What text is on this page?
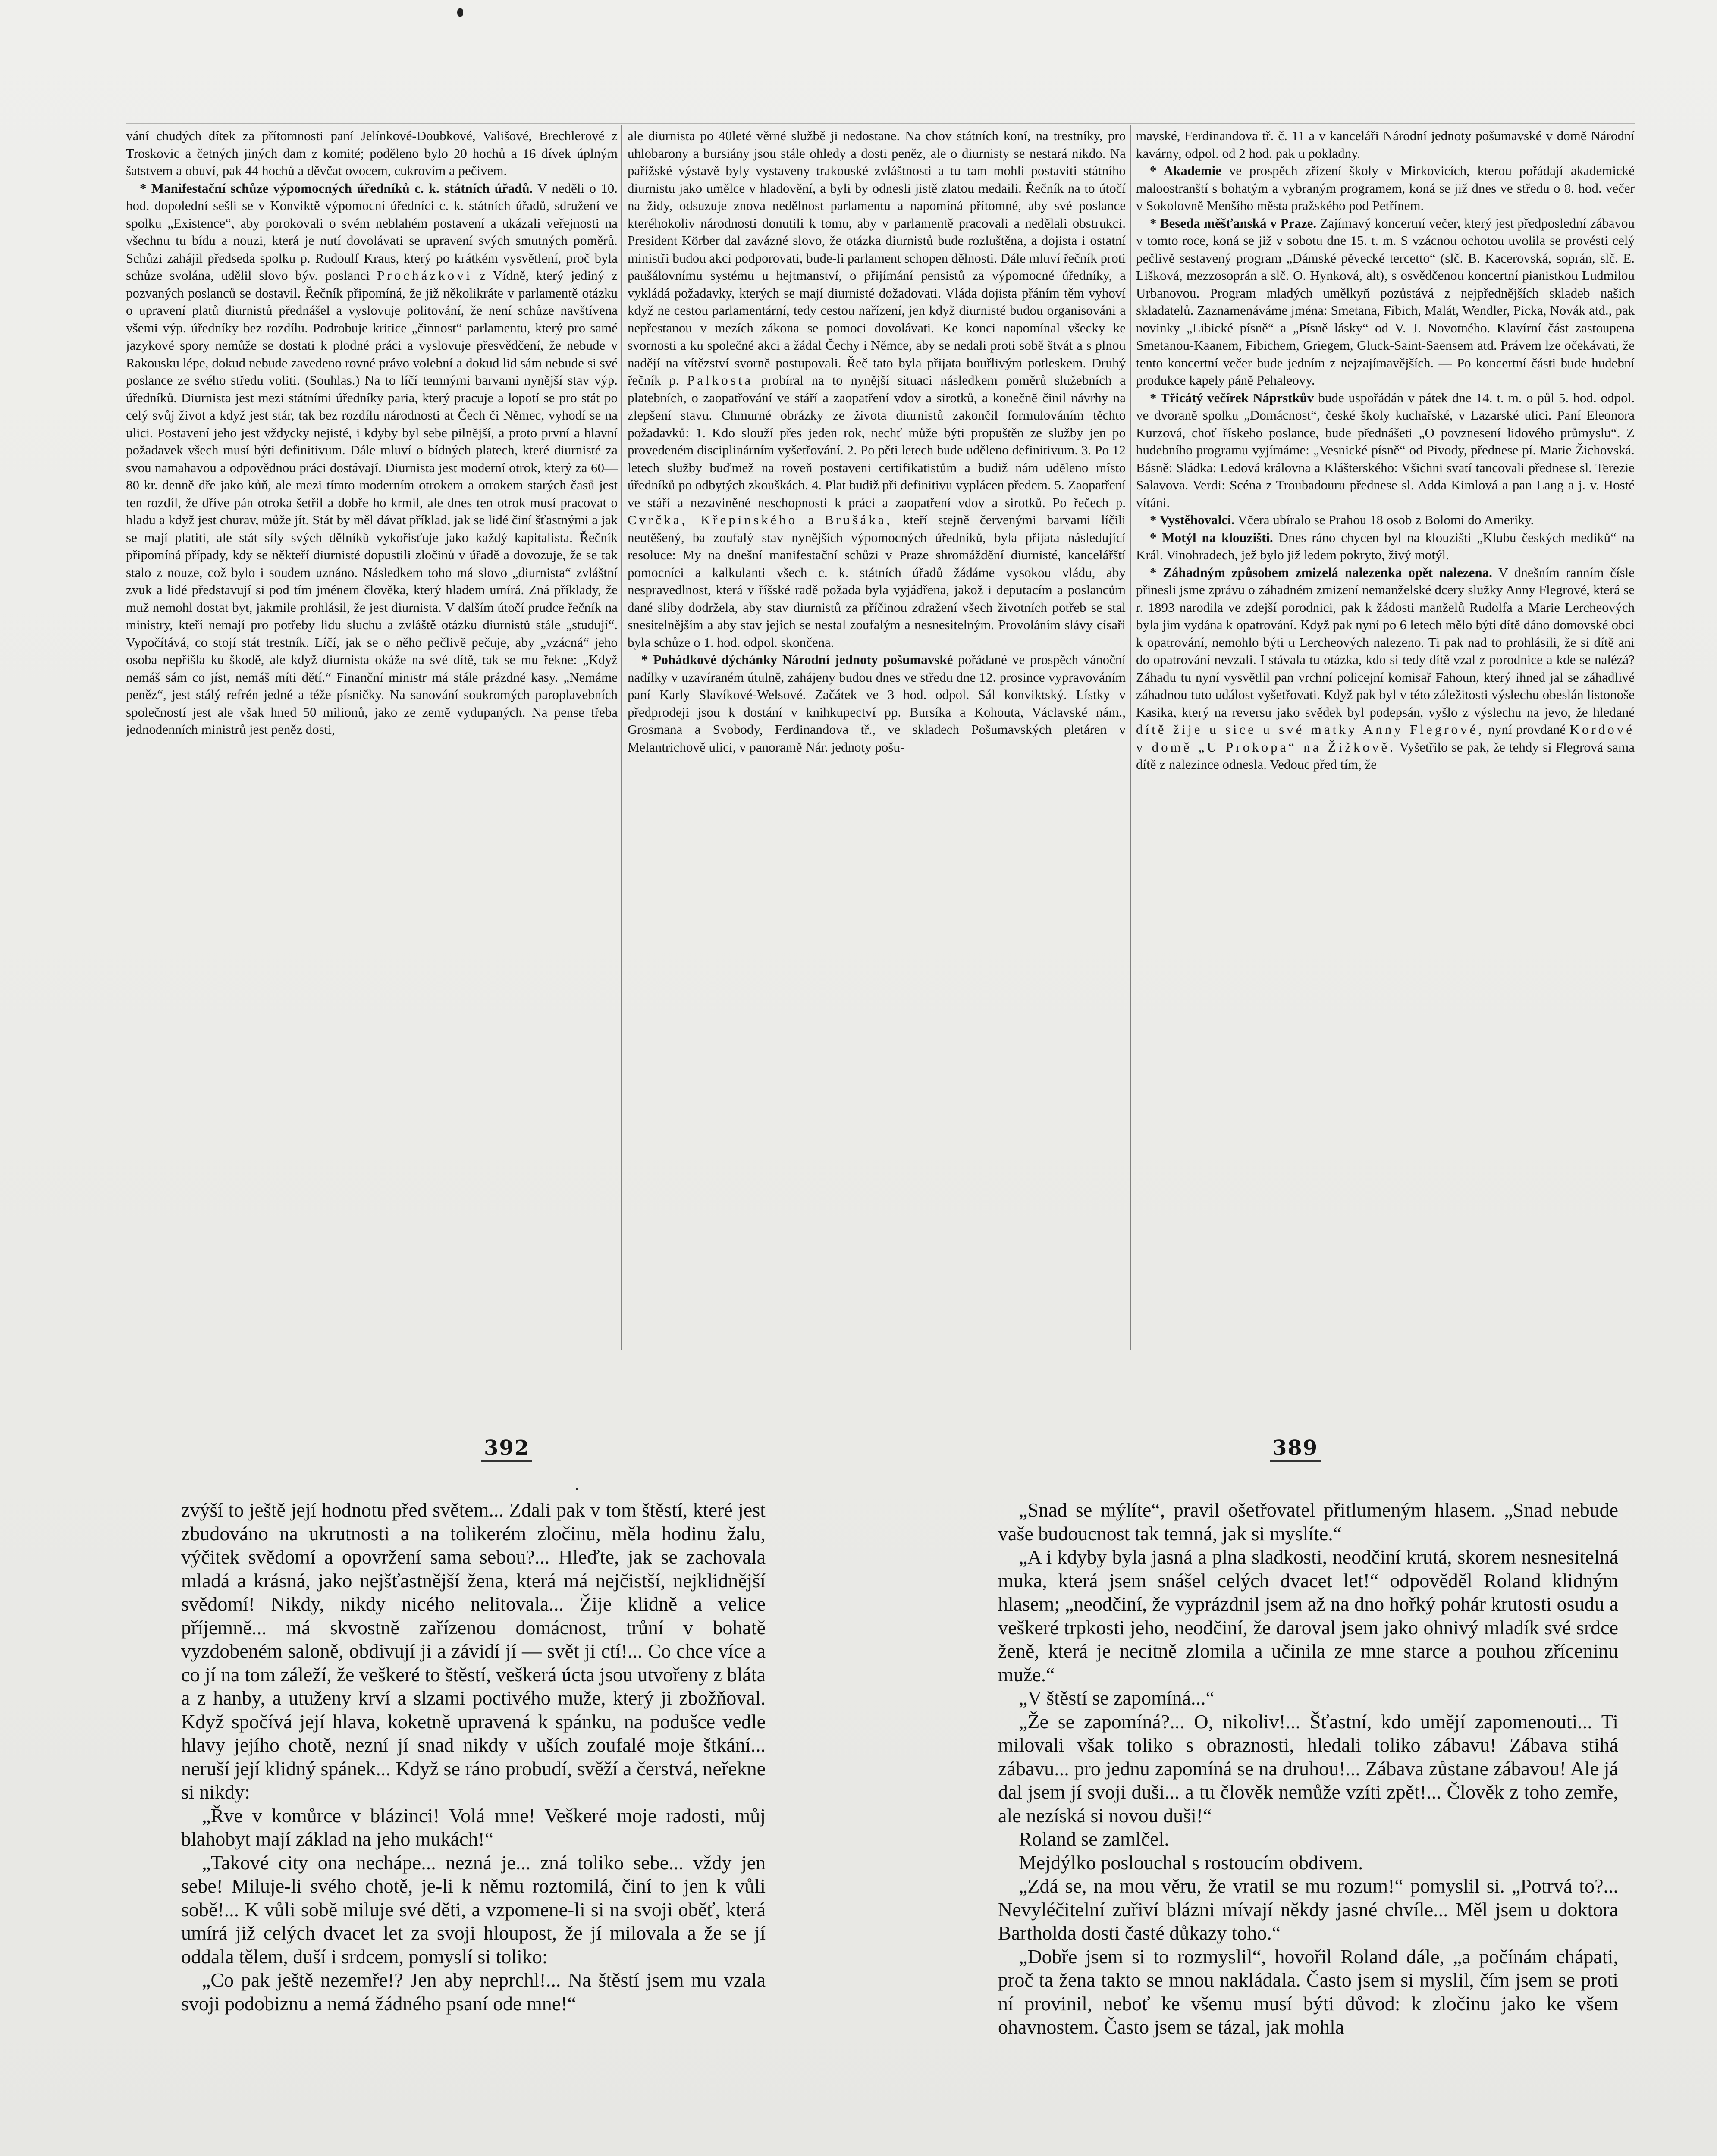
vání chudých dítek za přítomnosti paní Jelínkové-Doubkové, Vališové, Brechlerové z Troskovic a četných jiných dam z komité; poděleno bylo 20 hochů a 16 dívek úplným šatstvem a obuví, pak 44 hochů a děvčat ovocem, cukrovím a pečivem.

* Manifestační schůze výpomocných úředníků c. k. státních úřadů. V neděli o 10. hod. dopolední sešli se v Konviktě výpomocní úředníci c. k. státních úřadů, sdružení ve spolku „Existence“, aby porokovali o svém neblahém postavení a ukázali veřejnosti na všechnu tu bídu a nouzi, která je nutí dovolávati se upravení svých smutných poměrů. Schůzi zahájil předseda spolku p. Rudoulf Kraus, který po krátkém vysvětlení, proč byla schůze svolána, udělil slovo býv. poslanci Procházkovi z Vídně, který jediný z pozvaných poslanců se dostavil. Řečník připomíná, že již několikráte v parlamentě otázku o upravení platů diurnistů přednášel a vyslovuje politování, že není schůze navštívena všemi výp. úředníky bez rozdílu. Podrobuje kritice „činnost“ parlamentu, který pro samé jazykové spory nemůže se dostati k plodné práci a vyslovuje přesvědčení, že nebude v Rakousku lépe, dokud nebude zavedeno rovné právo volební a dokud lid sám nebude si své poslance ze svého středu voliti. (Souhlas.) Na to líčí temnými barvami nynější stav výp. úředníků. Diurnista jest mezi státními úředníky paria, který pracuje a lopotí se pro stát po celý svůj život a když jest stár, tak bez rozdílu národnosti at Čech či Němec, vyhodí se na ulici. Postavení jeho jest vždycky nejisté, i kdyby byl sebe pilnější, a proto první a hlavní požadavek všech musí býti definitivum. Dále mluví o bídných platech, které diurnisté za svou namahavou a odpovědnou práci dostávají. Diurnista jest moderní otrok, který za 60—80 kr. denně dře jako kůň, ale mezi tímto moderním otrokem a otrokem starých časů jest ten rozdíl, že dříve pán otroka šetřil a dobře ho krmil, ale dnes ten otrok musí pracovat o hladu a když jest churav, může jít. Stát by měl dávat příklad, jak se lidé činí šťastnými a jak se mají platiti, ale stát síly svých dělníků vykořisťuje jako každý kapitalista. Řečník připomíná případy, kdy se někteří diurnisté dopustili zločinů v úřadě a dovozuje, že se tak stalo z nouze, což bylo i soudem uznáno. Následkem toho má slovo „diurnista“ zvláštní zvuk a lidé představují si pod tím jménem člověka, který hladem umírá. Zná příklady, že muž nemohl dostat byt, jakmile prohlásil, že jest diurnista. V dalším útočí prudce řečník na ministry, kteří nemají pro potřeby lidu sluchu a zvláště otázku diurnistů stále „studují“. Vypočítává, co stojí stát trestník. Líčí, jak se o něho pečlivě pečuje, aby „vzácná“ jeho osoba nepřišla ku škodě, ale když diurnista okáže na své dítě, tak se mu řekne: „Když nemáš sám co jíst, nemáš míti dětí.“ Finanční ministr má stále prázdné kasy. „Nemáme peněz“, jest stálý refrén jedné a téže písničky. Na sanování soukromých paroplavebních společností jest ale však hned 50 milionů, jako ze země vydupaných. Na pense třeba jednodenních ministrů jest peněz dosti,

ale diurnista po 40leté věrné službě ji nedostane. Na chov státních koní, na trestníky, pro uhlobarony a bursiány jsou stále ohledy a dosti peněz, ale o diurnisty se nestará nikdo. Na pařížské výstavě byly vystaveny trakouské zvláštnosti a tu tam mohli postaviti státního diurnistu jako umělce v hladovění, a byli by odnesli jistě zlatou medaili. Řečník na to útočí na židy, odsuzuje znova nedělnost parlamentu a napomíná přítomné, aby své poslance kteréhokoliv národnosti donutili k tomu, aby v parlamentě pracovali a nedělali obstrukci. President Körber dal zavázné slovo, že otázka diurnistů bude rozluštěna, a dojista i ostatní ministři budou akci podporovati, bude-li parlament schopen dělnosti. Dále mluví řečník proti paušálovnímu systému u hejtmanství, o přijímání pensistů za výpomocné úředníky, a vykládá požadavky, kterých se mají diurnisté dožadovati. Vláda dojista přáním těm vyhoví když ne cestou parlamentární, tedy cestou nařízení, jen když diurnisté budou organisováni a nepřestanou v mezích zákona se pomoci dovolávati. Ke konci napomínal všecky ke svornosti a ku společné akci a žádal Čechy i Němce, aby se nedali proti sobě štvát a s plnou nadějí na vítězství svorně postupovali. Řeč tato byla přijata bouřlivým potleskem. Druhý řečník p. Palkosta probíral na to nynější situaci následkem poměrů služebních a platebních, o zaopatřování ve stáří a zaopatření vdov a sirotků, a konečně činil návrhy na zlepšení stavu. Chmurné obrázky ze života diurnistů zakončil formulováním těchto požadavků: 1. Kdo slouží přes jeden rok, nechť může býti propuštěn ze služby jen po provedeném disciplinárním vyšetřování. 2. Po pěti letech bude uděleno definitivum. 3. Po 12 letech služby buďmež na roveň postaveni certifikatistům a budiž nám uděleno místo úředníků po odbytých zkouškách. 4. Plat budiž při definitivu vyplácen předem. 5. Zaopatření ve stáří a nezaviněné neschopnosti k práci a zaopatření vdov a sirotků. Po řečech p. Cvrčka, Křepinského a Brušáka, kteří stejně červenými barvami líčili neutěšený, ba zoufalý stav nynějších výpomocných úředníků, byla přijata následující resoluce: My na dnešní manifestační schůzi v Praze shromáždění diurnisté, kancelářští pomocníci a kalkulanti všech c. k. státních úřadů žádáme vysokou vládu, aby nespravedlnost, která v říšské radě požada byla vyjádřena, jakož i deputacím a poslancům dané sliby dodržela, aby stav diurnistů za příčinou zdražení všech životních potřeb se stal snesitelnějším a aby stav jejich se nestal zoufalým a nesnesitelným. Provoláním slávy císaři byla schůze o 1. hod. odpol. skončena.

* Pohádkové dýchánky Národní jednoty pošumavské pořádané ve prospěch vánoční nadílky v uzavíraném útulně, zahájeny budou dnes ve středu dne 12. prosince vypravováním paní Karly Slavíkové-Welsové. Začátek ve 3 hod. odpol. Sál konviktský. Lístky v předprodeji jsou k dostání v knihkupectví pp. Bursíka a Kohouta, Václavské nám., Grosmana a Svobody, Ferdinandova tř., ve skladech Pošumavských pletáren v Melantrichově ulici, v panoramě Nár. jednoty pošu-

mavské, Ferdinandova tř. č. 11 a v kanceláři Národní jednoty pošumavské v domě Národní kavárny, odpol. od 2 hod. pak u pokladny.

* Akademie ve prospěch zřízení školy v Mirkovicích, kterou pořádají akademické maloostranští s bohatým a vybraným programem, koná se již dnes ve středu o 8. hod. večer v Sokolovně Menšího města pražského pod Petřínem.

* Beseda měšťanská v Praze. Zajímavý koncertní večer, který jest předposlední zábavou v tomto roce, koná se již v sobotu dne 15. t. m. S vzácnou ochotou uvolila se provésti celý pečlivě sestavený program „Dámské pěvecké tercetto“ (slč. B. Kacerovská, soprán, slč. E. Lišková, mezzosoprán a slč. O. Hynková, alt), s osvědčenou koncertní pianistkou Ludmilou Urbanovou. Program mladých umělkyň pozůstává z nejpřednějších skladeb našich skladatelů. Zaznamenáváme jména: Smetana, Fibich, Malát, Wendler, Picka, Novák atd., pak novinky „Libické písně“ a „Písně lásky“ od V. J. Novotného. Klavírní část zastoupena Smetanou-Kaanem, Fibichem, Griegem, Gluck-Saint-Saensem atd. Právem lze očekávati, že tento koncertní večer bude jedním z nejzajímavějších. — Po koncertní části bude hudební produkce kapely páně Pehaleovy.

* Třicátý večírek Náprstkův bude uspořádán v pátek dne 14. t. m. o půl 5. hod. odpol. ve dvoraně spolku „Domácnost“, české školy kuchařské, v Lazarské ulici. Paní Eleonora Kurzová, choť řískeho poslance, bude přednášeti „O povznesení lidového průmyslu“. Z hudebního programu vyjímáme: „Vesnické písně“ od Pivody, přednese pí. Marie Žichovská. Básně: Sládka: Ledová královna a Klášterského: Všichni svatí tancovali přednese sl. Terezie Salavova. Verdi: Scéna z Troubadouru přednese sl. Adda Kimlová a pan Lang a j. v. Hosté vítáni.

* Vystěhovalci. Včera ubíralo se Prahou 18 osob z Bolomi do Ameriky.

* Motýl na klouzišti. Dnes ráno chycen byl na klouzišti „Klubu českých mediků“ na Král. Vinohradech, jež bylo již ledem pokryto, živý motýl.

* Záhadným způsobem zmizelá nalezenka opět nalezena. V dnešním ranním čísle přinesli jsme zprávu o záhadném zmizení nemanželské dcery služky Anny Flegrové, která se r. 1893 narodila ve zdejší porodnici, pak k žádosti manželů Rudolfa a Marie Lercheových byla jim vydána k opatrování. Když pak nyní po 6 letech mělo býti dítě dáno domovské obci k opatrování, nemohlo býti u Lercheových nalezeno. Ti pak nad to prohlásili, že si dítě ani do opatrování nevzali. I stávala tu otázka, kdo si tedy dítě vzal z porodnice a kde se nalézá? Záhadu tu nyní vysvětlil pan vrchní policejní komisař Fahoun, který ihned jal se záhadlivé záhadnou tuto událost vyšetřovati. Když pak byl v této záležitosti výslechu obeslán listonoše Kasika, který na reversu jako svědek byl podepsán, vyšlo z výslechu na jevo, že hledané dítě žije u sice u své matky Anny Flegrové, nyní provdané Kordové v domě „U Prokopa“ na Žižkově. Vyšetřilo se pak, že tehdy si Flegrová sama dítě z nalezince odnesla. Vedouc před tím, že

392	389

zvýší to ještě její hodnotu před světem... Zdali pak v tom štěstí, které jest zbudováno na ukrutnosti a na tolikerém zločinu, měla hodinu žalu, výčitek svědomí a opovržení sama sebou?... Hleďte, jak se zachovala mladá a krásná, jako nejšťastnější žena, která má nejčistší, nejklidnější svědomí! Nikdy, nikdy nicého nelitovala... Žije klidně a velice příjemně... má skvostně zařízenou domácnost, trůní v bohatě vyzdobeném saloně, obdivují ji a závidí jí — svět ji ctí!... Co chce více a co jí na tom záleží, že veškeré to štěstí, veškerá úcta jsou utvořeny z bláta a z hanby, a utuženy krví a slzami poctivého muže, který ji zbožňoval. Když spočívá její hlava, koketně upravená k spánku, na podušce vedle hlavy jejího chotě, nezní jí snad nikdy v uších zoufalé moje štkání... neruší její klidný spánek... Když se ráno probudí, svěží a čerstvá, neřekne si nikdy:

„Řve v komůrce v blázinci! Volá mne! Veškeré moje radosti, můj blahobyt mají základ na jeho mukách!“

„Takové city ona nechápe... nezná je... zná tolikо sebe... vždy jen sebe! Miluje-li svého chotě, je-li k němu roztomilá, činí to jen k vůli sobě!... K vůli sobě miluje své děti, a vzpomene-li si na svoji oběť, která umírá již celých dvacet let za svoji hloupost, že jí milovala a že se jí oddala tělem, duší i srdcem, pomyslí si toliko:

„Co pak ještě nezemře!? Jen aby neprchl!... Na štěstí jsem mu vzala svoji podobiznu a nemá žádného psaní ode mne!“

„Snad se mýlíte“, pravil ošetřovatel přitlumeným hlasem. „Snad nebude vaše budoucnost tak temná, jak si myslíte.“

„A i kdyby byla jasná a plna sladkosti, neodčiní krutá, skorem nesnesitelná muka, která jsem snášel celých dvacet let!“ odpověděl Roland klidným hlasem; „neodčiní, že vyprázdnil jsem až na dno hořký pohár krutosti osudu a veškeré trpkosti jeho, neodčiní, že daroval jsem jako ohnivý mladík své srdce ženě, která je necitně zlomila a učinila ze mne starce a pouhou zříceninu muže.“

„V štěstí se zapomíná...“

„Že se zapomíná?... O, nikoliv!... Šťastní, kdo umějí zapomenouti... Ti milovali však toliko s obraznosti, hledali toliko zábavu! Zábava stihá zábavu... pro jednu zapomíná se na druhou!... Zábava zůstane zábavou! Ale já dal jsem jí svoji duši... a tu člověk nemůže vzíti zpět!... Člověk z toho zemře, ale nezíská si novou duši!“

Roland se zamlčel.

Mejdýlko poslouchal s rostoucím obdivem.

„Zdá se, na mou věru, že vratil se mu rozum!“ pomyslil si. „Potrvá to?... Nevyléčitelní zuřiví blázni mívají někdy jasné chvíle... Měl jsem u doktora Bartholda dosti časté důkazy toho.“

„Dobře jsem si to rozmyslil“, hovořil Roland dále, „a počínám chápati, proč ta žena takto se mnou nakládala. Často jsem si myslil, čím jsem se proti ní provinil, neboť ke všemu musí býti důvod: k zločinu jako ke všem ohavnostem. Často jsem se tázal, jak mohla
